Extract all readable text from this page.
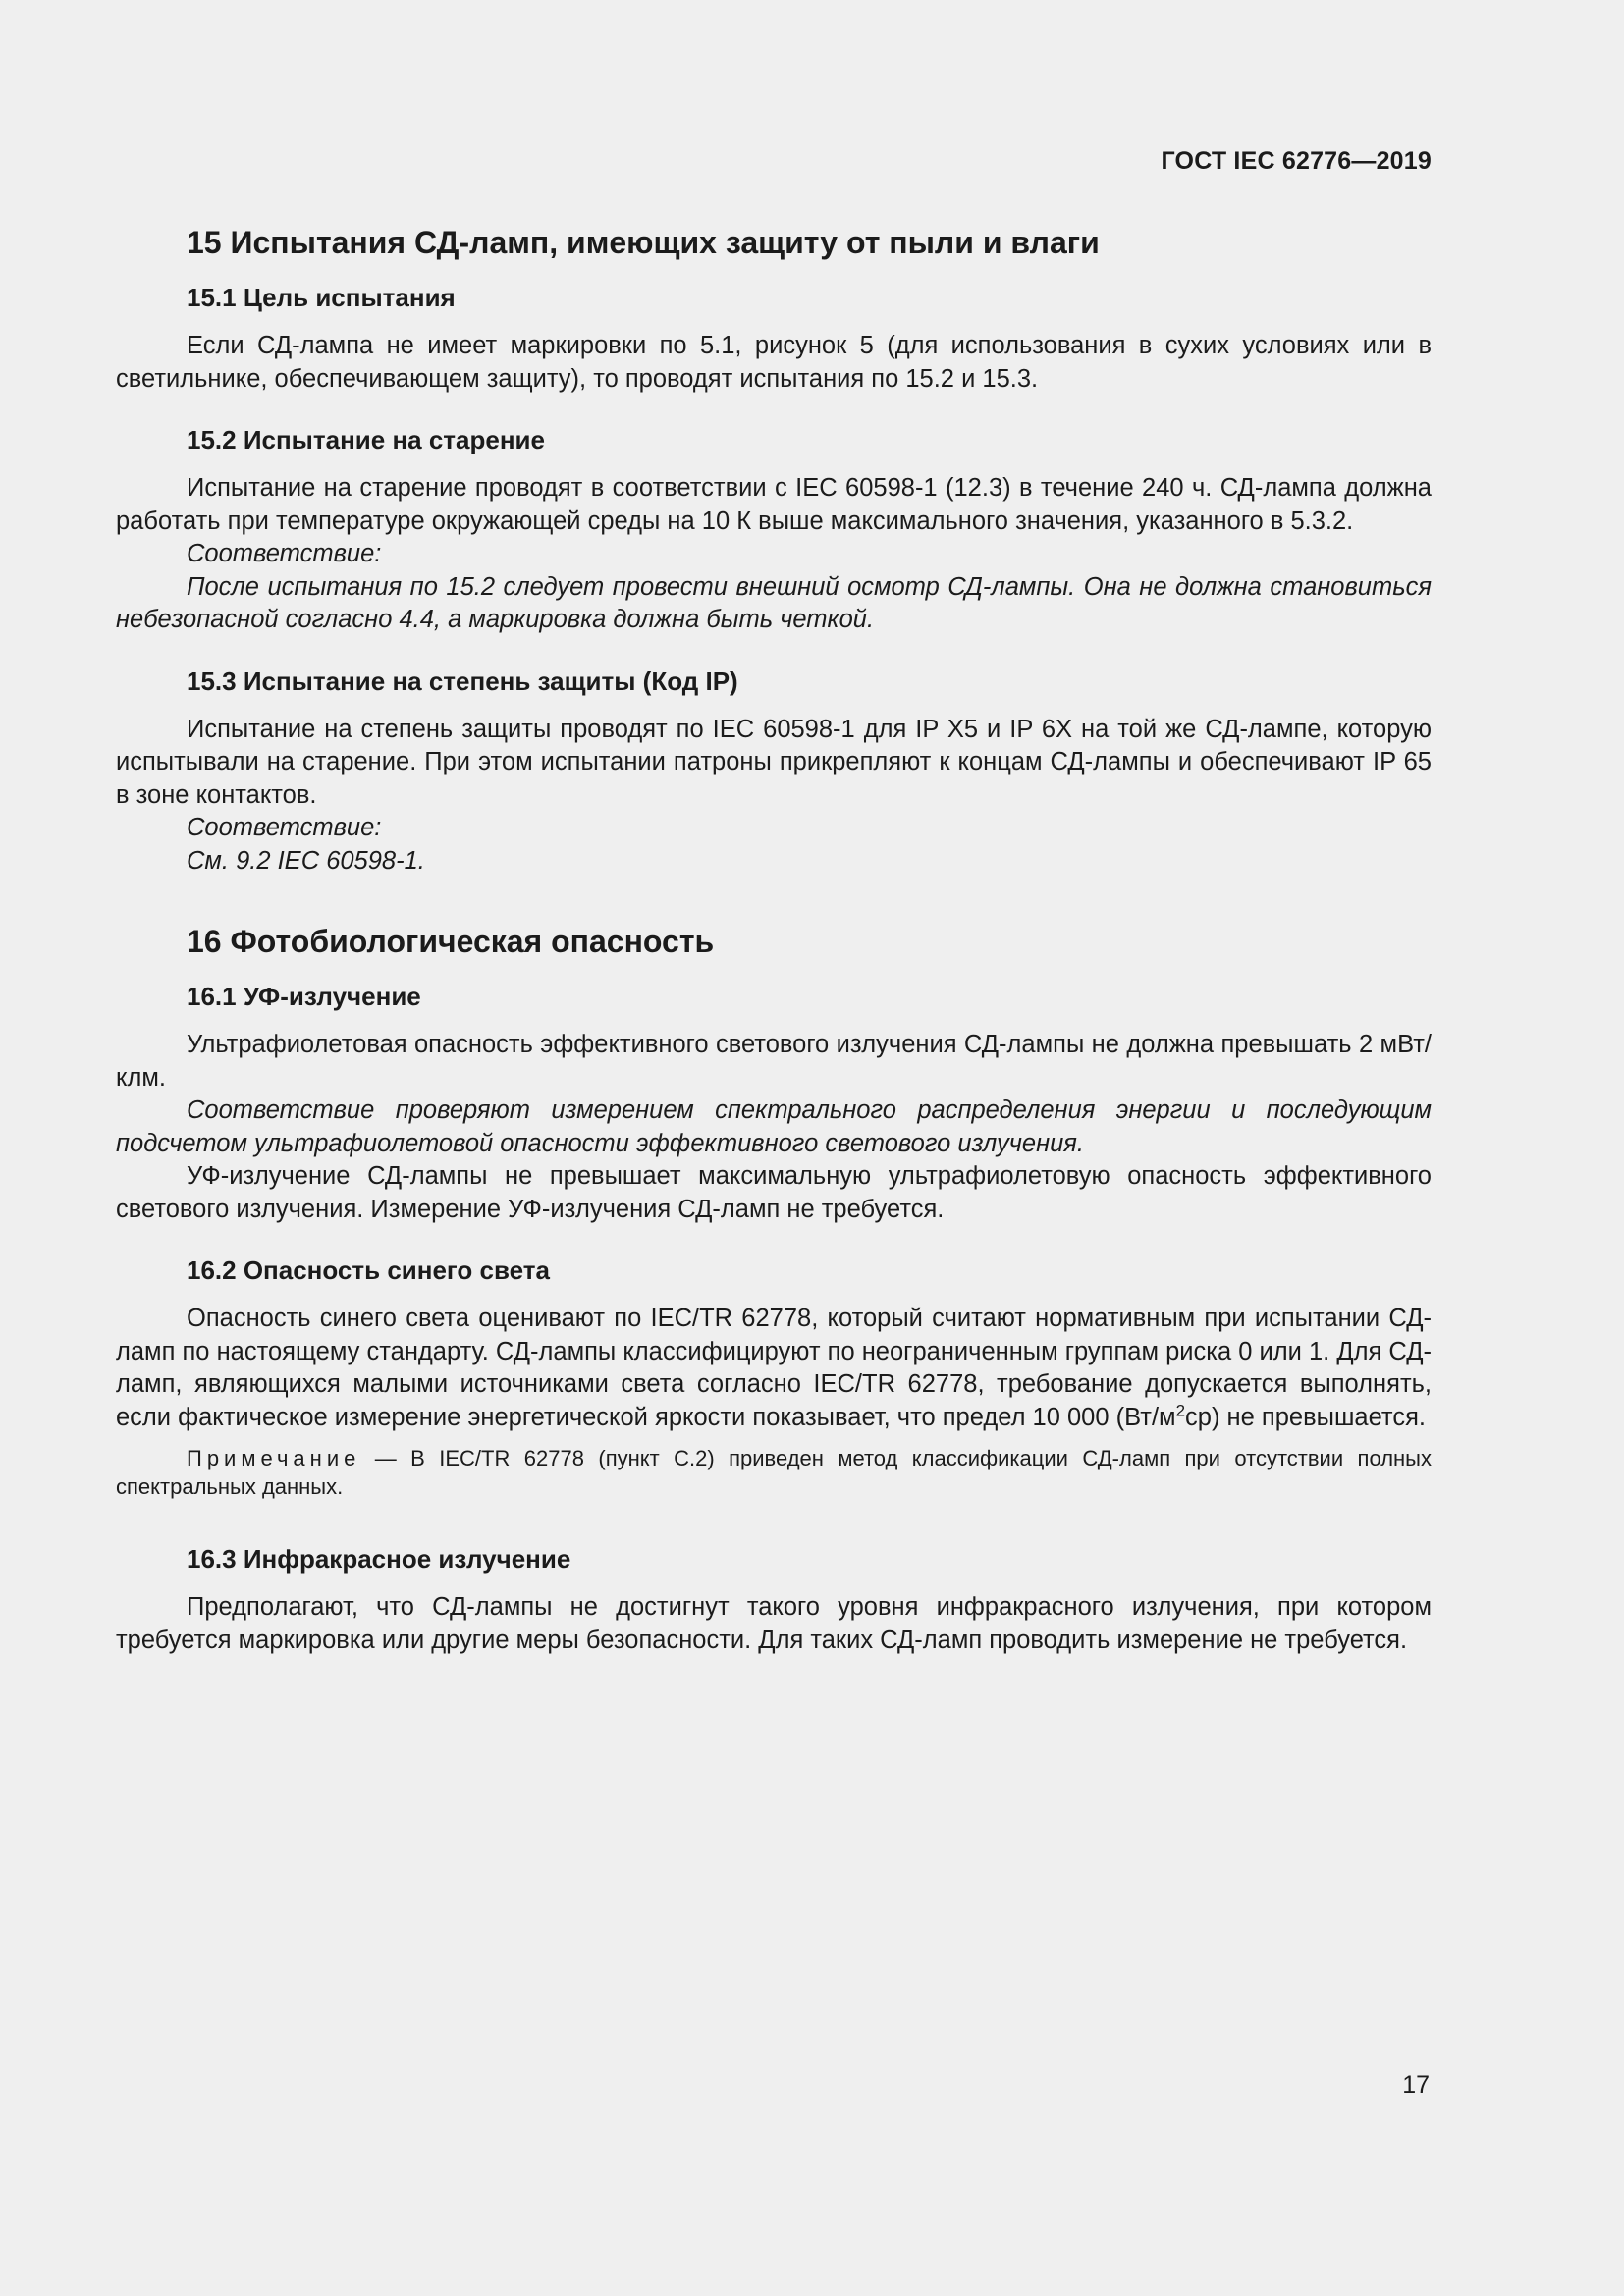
ГОСТ IEC 62776—2019
15 Испытания СД-ламп, имеющих защиту от пыли и влаги
15.1 Цель испытания

Если СД-лампа не имеет маркировки по 5.1, рисунок 5 (для использования в сухих условиях или в светильнике, обеспечивающем защиту), то проводят испытания по 15.2 и 15.3.

15.2 Испытание на старение

Испытание на старение проводят в соответствии с IEC 60598-1 (12.3) в течение 240 ч. СД-лампа должна работать при температуре окружающей среды на 10 К выше максимального значения, указанного в 5.3.2.

Соответствие:

После испытания по 15.2 следует провести внешний осмотр СД-лампы. Она не должна становиться небезопасной согласно 4.4, а маркировка должна быть четкой.

15.3 Испытание на степень защиты (Код IP)

Испытание на степень защиты проводят по IEC 60598-1 для IP X5 и IP 6X на той же СД-лампе, которую испытывали на старение. При этом испытании патроны прикрепляют к концам СД-лампы и обеспечивают IP 65 в зоне контактов.

Соответствие:

См. 9.2 IEC 60598-1.

16 Фотобиологическая опасность
16.1 УФ-излучение

Ультрафиолетовая опасность эффективного светового излучения СД-лампы не должна превышать 2 мВт/клм.

Соответствие проверяют измерением спектрального распределения энергии и последующим подсчетом ультрафиолетовой опасности эффективного светового излучения.

УФ-излучение СД-лампы не превышает максимальную ультрафиолетовую опасность эффективного светового излучения. Измерение УФ-излучения СД-ламп не требуется.

16.2 Опасность синего света

Опасность синего света оценивают по IEC/TR 62778, который считают нормативным при испытании СД-ламп по настоящему стандарту. СД-лампы классифицируют по неограниченным группам риска 0 или 1. Для СД-ламп, являющихся малыми источниками света согласно IEC/TR 62778, требование допускается выполнять, если фактическое измерение энергетической яркости показывает, что предел 10 000 $(Вт/м^2ср)$ не превышается.

Примечание — В IEC/TR 62778 (пункт С.2) приведен метод классификации СД-ламп при отсутствии полных спектральных данных.

16.3 Инфракрасное излучение

Предполагают, что СД-лампы не достигнут такого уровня инфракрасного излучения, при котором требуется маркировка или другие меры безопасности. Для таких СД-ламп проводить измерение не требуется.

17
